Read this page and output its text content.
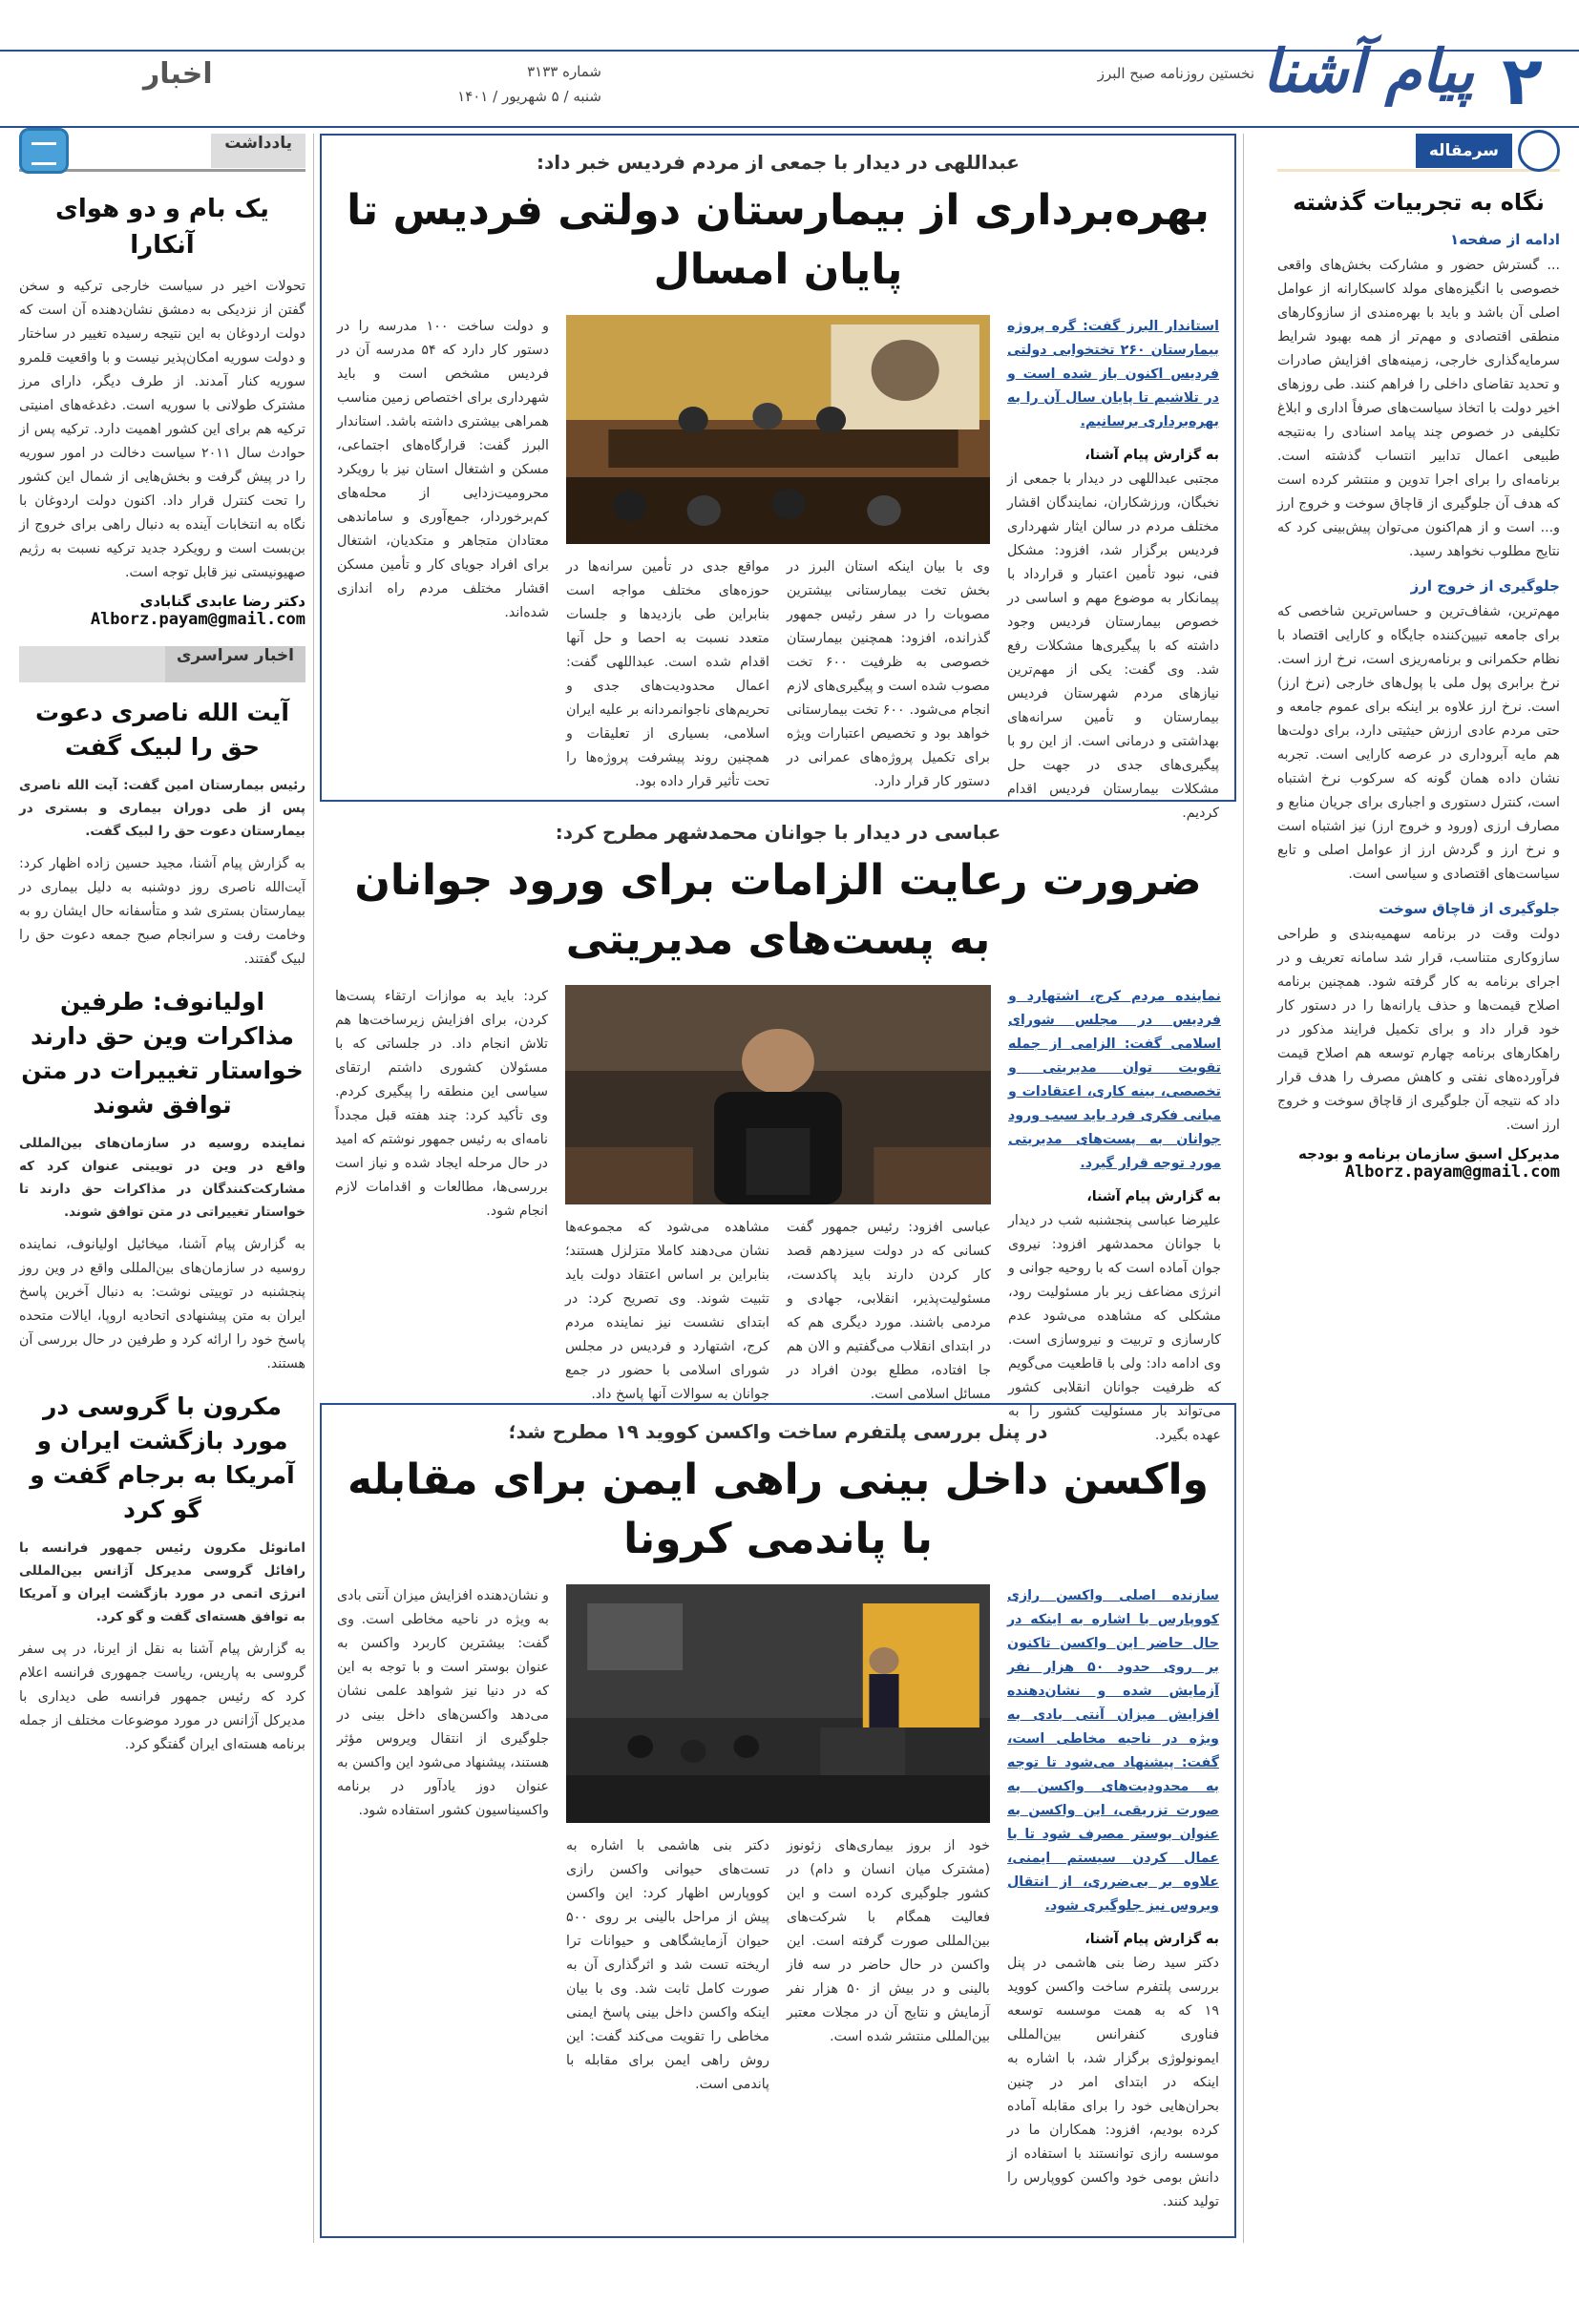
۲
پیام آشنا
نخستین روزنامه صبح البرز
شماره ۳۱۳۳
شنبه / ۵ شهریور / ۱۴۰۱
اخبار
سرمقاله
نگاه به تجربیات گذشته
ادامه از صفحه۱

... گسترش حضور و مشارکت بخش‌های واقعی خصوصی با انگیزه‌های مولد کاسبکارانه از عوامل اصلی آن باشد و باید با بهره‌مندی از سازوکارهای منطقی اقتصادی و مهم‌تر از همه بهبود شرایط سرمایه‌گذاری خارجی، زمینه‌های افزایش صادرات و تحدید تقاضای داخلی را فراهم کنند. طی روزهای اخیر دولت با اتخاذ سیاست‌های صرفاً اداری و ابلاغ تکلیفی در خصوص چند پیامد اسنادی را به‌نتیجه طبیعی اعمال تدابیر انتساب گذشته است. برنامه‌ای را برای اجرا تدوین و منتشر کرده است که هدف آن جلوگیری از قاچاق سوخت و خروج ارز و... است و از هم‌اکنون می‌توان پیش‌بینی کرد که نتایج مطلوب نخواهد رسید.

جلوگیری از خروج ارز

مهم‌ترین، شفاف‌ترین و حساس‌ترین شاخصی که برای جامعه تبیین‌کننده جایگاه و کارایی اقتصاد با نظام حکمرانی و برنامه‌ریزی است، نرخ ارز است. نرخ برابری پول ملی با پول‌های خارجی (نرخ ارز) است. نرخ ارز علاوه بر اینکه برای عموم جامعه و حتی مردم عادی ارزش حیثیتی دارد، برای دولت‌ها هم مایه آبروداری در عرصه کارایی است. تجربه نشان داده همان گونه که سرکوب نرخ اشتباه است، کنترل دستوری و اجباری برای جریان منابع و مصارف ارزی (ورود و خروج ارز) نیز اشتباه است و نرخ ارز و گردش ارز از عوامل اصلی و تابع سیاست‌های اقتصادی و سیاسی است.

جلوگیری از قاچاق سوخت

دولت وقت در برنامه سهمیه‌بندی و طراحی سازوکاری متناسب، قرار شد سامانه تعریف و در اجرای برنامه به کار گرفته شود. همچنین برنامه اصلاح قیمت‌ها و حذف یارانه‌ها را در دستور کار خود قرار داد و برای تکمیل فرایند مذکور در راهکارهای برنامه چهارم توسعه هم اصلاح قیمت فرآورده‌های نفتی و کاهش مصرف را هدف قرار داد که نتیجه آن جلوگیری از قاچاق سوخت و خروج ارز است.

مدیرکل اسبق سازمان برنامه و بودجه
Alborz.payam@gmail.com
یادداشت
یک بام و دو هوای آنکارا

تحولات اخیر در سیاست خارجی ترکیه و سخن گفتن از نزدیکی به دمشق نشان‌دهنده آن است که دولت اردوغان به این نتیجه رسیده تغییر در ساختار و دولت سوریه امکان‌پذیر نیست و با واقعیت قلمرو سوریه کنار آمدند. از طرف دیگر، دارای مرز مشترک طولانی با سوریه است. دغدغه‌های امنیتی ترکیه هم برای این کشور اهمیت دارد. ترکیه پس از حوادث سال ۲۰۱۱ سیاست دخالت در امور سوریه را در پیش گرفت و بخش‌هایی از شمال این کشور را تحت کنترل قرار داد. اکنون دولت اردوغان با نگاه به انتخابات آینده به دنبال راهی برای خروج از بن‌بست است و رویکرد جدید ترکیه نسبت به رژیم صهیونیستی نیز قابل توجه است.

دکتر رضا عابدی گنابادی
Alborz.payam@gmail.com
اخبار سراسری
آیت الله ناصری دعوت حق را لبیک گفت

رئیس بیمارستان امین گفت: آیت الله ناصری پس از طی دوران بیماری و بستری در بیمارستان دعوت حق را لبیک گفت.

به گزارش پیام آشنا، مجید حسین زاده اظهار کرد: آیت‌الله ناصری روز دوشنبه به دلیل بیماری در بیمارستان بستری شد و متأسفانه حال ایشان رو به وخامت رفت و سرانجام صبح جمعه دعوت حق را لبیک گفتند.

اولیانوف: طرفین مذاکرات وین حق دارند خواستار تغییرات در متن توافق شوند

نماینده روسیه در سازمان‌های بین‌المللی واقع در وین در توییتی عنوان کرد که مشارکت‌کنندگان در مذاکرات حق دارند تا خواستار تغییراتی در متن توافق شوند.

به گزارش پیام آشنا، میخائیل اولیانوف، نماینده روسیه در سازمان‌های بین‌المللی واقع در وین روز پنجشنبه در توییتی نوشت: به دنبال آخرین پاسخ ایران به متن پیشنهادی اتحادیه اروپا، ایالات متحده پاسخ خود را ارائه کرد و طرفین در حال بررسی آن هستند.

مکرون با گروسی در مورد بازگشت ایران و آمریکا به برجام گفت و گو کرد

امانوئل مکرون رئیس جمهور فرانسه با رافائل گروسی مدیرکل آژانس بین‌المللی انرژی اتمی در مورد بازگشت ایران و آمریکا به توافق هسته‌ای گفت و گو کرد.

به گزارش پیام آشنا به نقل از ایرنا، در پی سفر گروسی به پاریس، ریاست جمهوری فرانسه اعلام کرد که رئیس جمهور فرانسه طی دیداری با مدیرکل آژانس در مورد موضوعات مختلف از جمله برنامه هسته‌ای ایران گفتگو کرد.

عبداللهی در دیدار با جمعی از مردم فردیس خبر داد:
بهره‌برداری از بیمارستان دولتی فردیس تا پایان امسال

استاندار البرز گفت: گره پروژه بیمارستان ۲۶۰ تختخوابی دولتی فردیس اکنون باز شده است و در تلاشیم تا پایان سال آن را به بهره‌برداری برسانیم.

به گزارش پیام آشنا،

مجتبی عبداللهی در دیدار با جمعی از نخبگان، ورزشکاران، نمایندگان اقشار مختلف مردم در سالن ایثار شهرداری فردیس برگزار شد، افزود: مشکل فنی، نبود تأمین اعتبار و قرارداد با پیمانکار به موضوع مهم و اساسی در خصوص بیمارستان فردیس وجود داشته که با پیگیری‌ها مشکلات رفع شد. وی گفت: یکی از مهم‌ترین نیازهای مردم شهرستان فردیس بیمارستان و تأمین سرانه‌های بهداشتی و درمانی است. از این رو با پیگیری‌های جدی در جهت حل مشکلات بیمارستان فردیس اقدام کردیم.

وی با بیان اینکه استان البرز در بخش تخت بیمارستانی بیشترین مصوبات را در سفر رئیس جمهور گذرانده، افزود: همچنین بیمارستان خصوصی به ظرفیت ۶۰۰ تخت مصوب شده است و پیگیری‌های لازم انجام می‌شود. ۶۰۰ تخت بیمارستانی خواهد بود و تخصیص اعتبارات ویژه برای تکمیل پروژه‌های عمرانی در دستور کار قرار دارد.

مواقع جدی در تأمین سرانه‌ها در حوزه‌های مختلف مواجه است بنابراین طی بازدید‌ها و جلسات متعدد نسبت به احصا و حل آنها اقدام شده است. عبداللهی گفت: اعمال محدودیت‌های جدی و تحریم‌های ناجوانمردانه بر علیه ایران اسلامی، بسیاری از تعلیقات و همچنین روند پیشرفت پروژه‌ها را تحت تأثیر قرار داده بود.

و دولت ساخت ۱۰۰ مدرسه را در دستور کار دارد که ۵۴ مدرسه آن در فردیس مشخص است و باید شهرداری برای اختصاص زمین مناسب همراهی بیشتری داشته باشد. استاندار البرز گفت: قرارگاه‌های اجتماعی، مسکن و اشتغال استان نیز با رویکرد محرومیت‌زدایی از محله‌های کم‌برخوردار، جمع‌آوری و ساماندهی معتادان متجاهر و متکدیان، اشتغال برای افراد جویای کار و تأمین مسکن اقشار مختلف مردم راه اندازی شده‌اند.

عباسی در دیدار با جوانان محمدشهر مطرح کرد:
ضرورت رعایت الزامات برای ورود جوانان به پست‌های مدیریتی

نماینده مردم کرج، اشتهارد و فردیس در مجلس شورای اسلامی گفت: الزامی از جمله تقویت توان مدیریتی و تخصصی، بینه کاری، اعتقادات و مبانی فکری فرد باید سبب ورود جوانان به پست‌های مدیریتی مورد توجه قرار گیرد.

به گزارش پیام آشنا،

علیرضا عباسی پنجشنبه شب در دیدار با جوانان محمدشهر افزود: نیروی جوان آماده است که با روحیه جوانی و انرژی مضاعف زیر بار مسئولیت رود، مشکلی که مشاهده می‌شود عدم کارسازی و تربیت و نیروسازی است. وی ادامه داد: ولی با قاطعیت می‌گویم که ظرفیت جوانان انقلابی کشور می‌تواند بار مسئولیت کشور را به عهده بگیرد.

عباسی افزود: رئیس جمهور گفت کسانی که در دولت سیزدهم قصد کار کردن دارند باید پاکدست، مسئولیت‌پذیر، انقلابی، جهادی و مردمی باشند. مورد دیگری هم که در ابتدای انقلاب می‌گفتیم و الان هم جا افتاده، مطلع بودن افراد در مسائل اسلامی است.

مشاهده می‌شود که مجموعه‌ها نشان می‌دهند کاملا متزلزل هستند؛ بنابراین بر اساس اعتقاد دولت باید تثبیت شوند. وی تصریح کرد: در ابتدای نشست نیز نماینده مردم کرج، اشتهارد و فردیس در مجلس شورای اسلامی با حضور در جمع جوانان به سوالات آنها پاسخ داد.

کرد: باید به موازات ارتقاء پست‌ها کردن، برای افزایش زیرساخت‌ها هم تلاش انجام داد. در جلساتی که با مسئولان کشوری داشتم ارتقای سیاسی این منطقه را پیگیری کردم. وی تأکید کرد: چند هفته قبل مجدداً نامه‌ای به رئیس جمهور نوشتم که امید در حال مرحله ایجاد شده و نیاز است بررسی‌ها، مطالعات و اقدامات لازم انجام شود.

در پنل بررسی پلتفرم ساخت واکسن کووید ۱۹ مطرح شد؛
واکسن داخل بینی راهی ایمن برای مقابله با پاندمی کرونا

سازنده اصلی واکسن رازی کووپارس با اشاره به اینکه در حال حاضر این واکسن تاکنون بر روی حدود ۵۰ هزار نفر آزمایش شده و نشان‌دهنده افزایش میزان آنتی بادی به ویژه در ناحیه مخاطی است، گفت: پیشنهاد می‌شود تا توجه به محدودیت‌های واکسن به صورت تزریقی، این واکسن به عنوان بوستر مصرف شود تا با عمال کردن سیستم ایمنی، علاوه بر بی‌ضرری، از انتقال ویروس نیز جلوگیری شود.

به گزارش پیام آشنا،

دکتر سید رضا بنی هاشمی در پنل بررسی پلتفرم ساخت واکسن کووید ۱۹ که به همت موسسه توسعه فناوری کنفرانس بین‌المللی ایمونولوژی برگزار شد، با اشاره به اینکه در ابتدای امر در چنین بحران‌هایی خود را برای مقابله آماده کرده بودیم، افزود: همکاران ما در موسسه رازی توانستند با استفاده از دانش بومی خود واکسن کووپارس را تولید کنند.

خود از بروز بیماری‌های زئونوز (مشترک میان انسان و دام) در کشور جلوگیری کرده است و این فعالیت همگام با شرکت‌های بین‌المللی صورت گرفته است. این واکسن در حال حاضر در سه فاز بالینی و در بیش از ۵۰ هزار نفر آزمایش و نتایج آن در مجلات معتبر بین‌المللی منتشر شده است.

دکتر بنی هاشمی با اشاره به تست‌های حیوانی واکسن رازی کووپارس اظهار کرد: این واکسن پیش از مراحل بالینی بر روی ۵۰۰ حیوان آزمایشگاهی و حیوانات ترا اریخته تست شد و اثرگذاری آن به صورت کامل ثابت شد. وی با بیان اینکه واکسن داخل بینی پاسخ ایمنی مخاطی را تقویت می‌کند گفت: این روش راهی ایمن برای مقابله با پاندمی است.

و نشان‌دهنده افزایش میزان آنتی بادی به ویژه در ناحیه مخاطی است. وی گفت: بیشترین کاربرد واکسن به عنوان بوستر است و با توجه به این که در دنیا نیز شواهد علمی نشان می‌دهد واکسن‌های داخل بینی در جلوگیری از انتقال ویروس مؤثر هستند، پیشنهاد می‌شود این واکسن به عنوان دوز یادآور در برنامه واکسیناسیون کشور استفاده شود.
